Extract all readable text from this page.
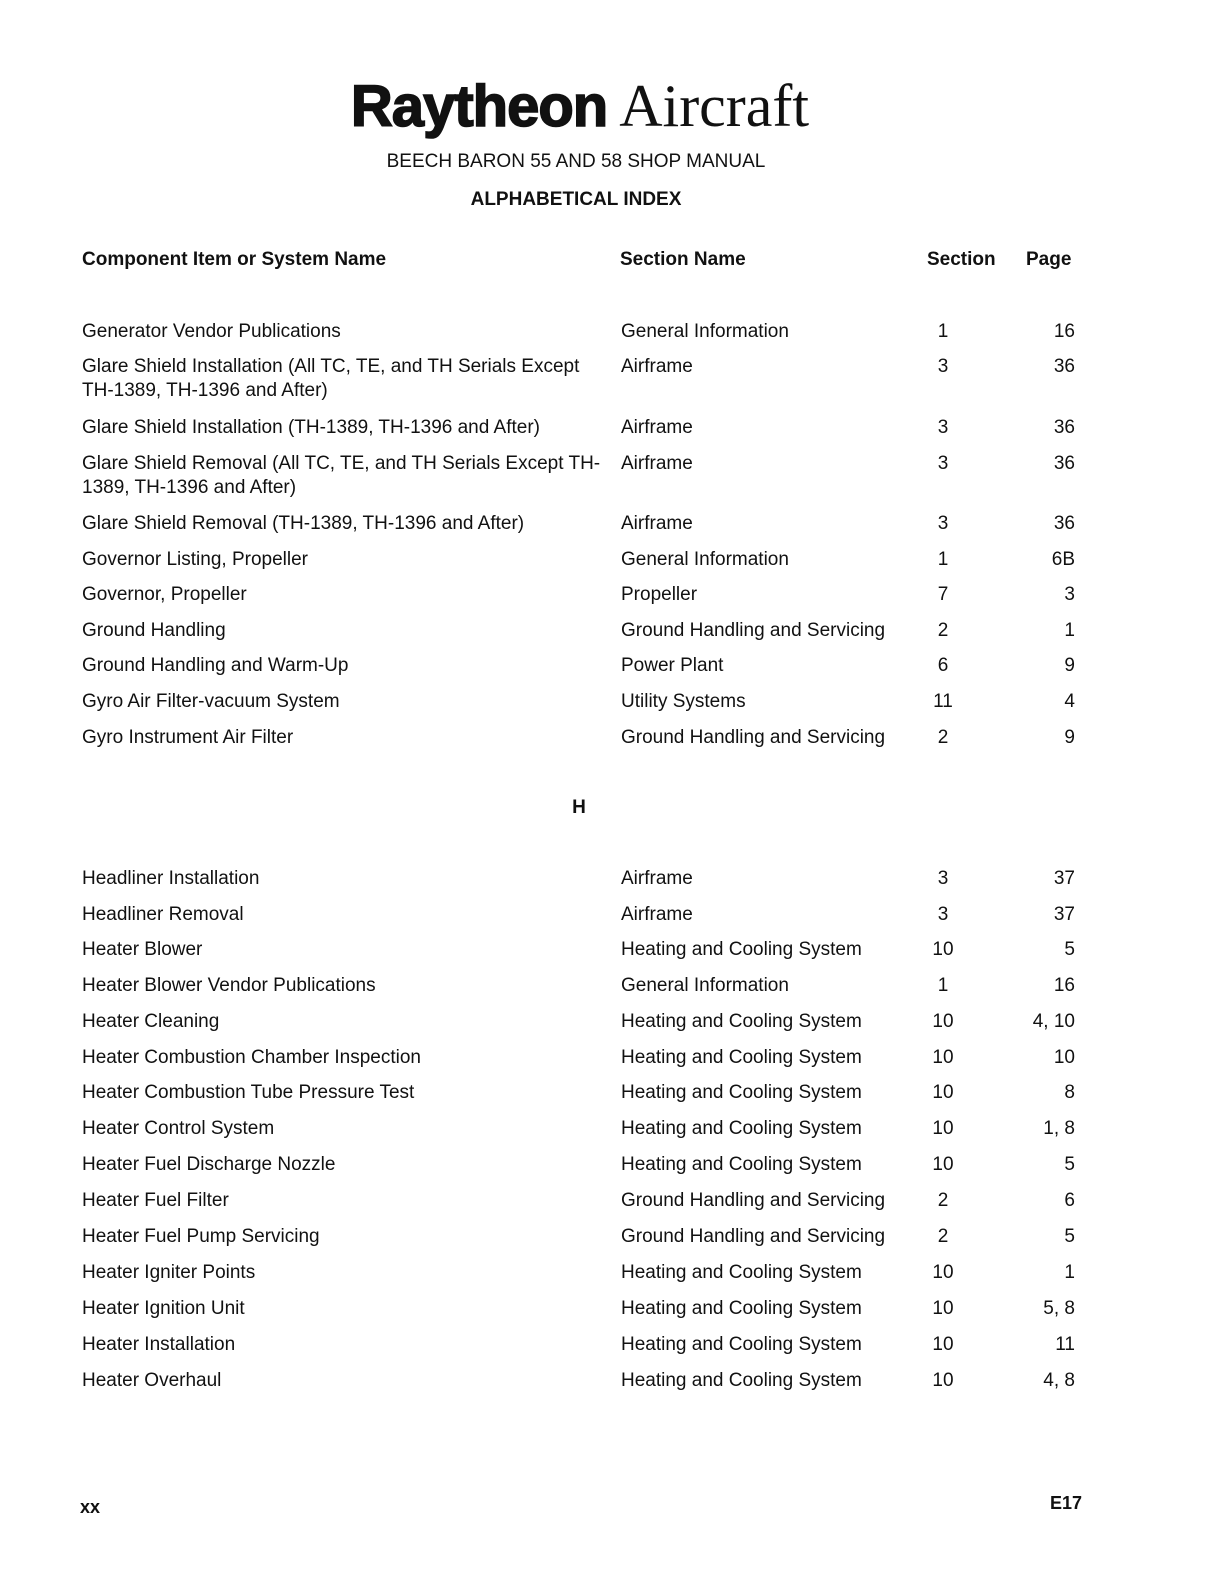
Raytheon Aircraft
BEECH BARON 55 AND 58 SHOP MANUAL
ALPHABETICAL INDEX
Component Item or System Name	Section Name	Section Page
Generator Vendor Publications	General Information	1	16
Glare Shield Installation (All TC, TE, and TH Serials Except TH-1389, TH-1396 and After)
Airframe	3	36
Glare Shield Installation (TH-1389, TH-1396 and After)	Airframe	3	36
Glare Shield Removal (All TC, TE, and TH Serials Except TH-1389, TH-1396 and After)
Airframe	3	36
Glare Shield Removal (TH-1389, TH-1396 and After)	Airframe	3	36
Governor Listing, Propeller	General Information	1	6B
Governor, Propeller	Propeller	7	3
Ground Handling	Ground Handling and Servicing	2	1
Ground Handling and Warm-Up	Power Plant	6	9
Gyro Air Filter-vacuum System	Utility Systems	11	4
Gyro Instrument Air Filter	Ground Handling and Servicing	2	9
H
Headliner Installation	Airframe	3	37
Headliner Removal	Airframe	3	37
Heater Blower	Heating and Cooling System	10	5
Heater Blower Vendor Publications	General Information	1	16
Heater Cleaning	Heating and Cooling System	10	4, 10
Heater Combustion Chamber Inspection	Heating and Cooling System	10	10
Heater Combustion Tube Pressure Test	Heating and Cooling System	10	8
Heater Control System	Heating and Cooling System	10	1, 8
Heater Fuel Discharge Nozzle	Heating and Cooling System	10	5
Heater Fuel Filter	Ground Handling and Servicing	2	6
Heater Fuel Pump Servicing	Ground Handling and Servicing	2	5
Heater Igniter Points	Heating and Cooling System	10	1
Heater Ignition Unit	Heating and Cooling System	10	5, 8
Heater Installation	Heating and Cooling System	10	11
Heater Overhaul	Heating and Cooling System	10	4, 8
xx	E17
